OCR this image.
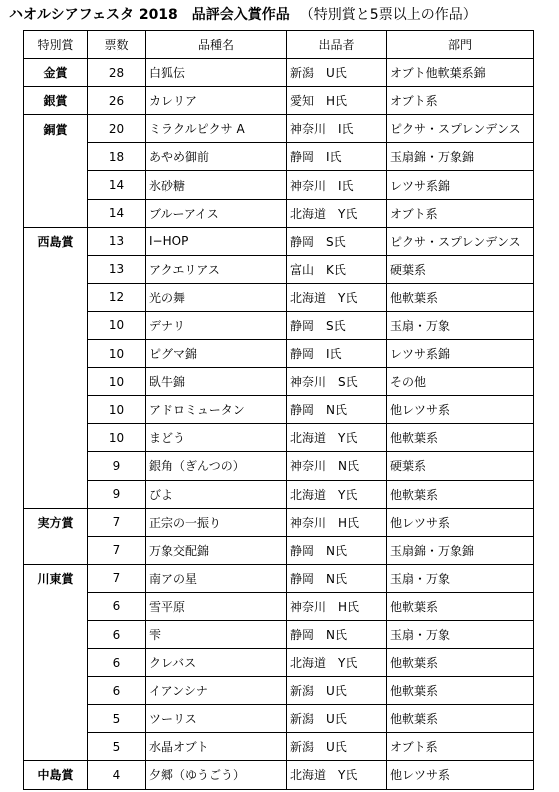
ハオルシアフェスタ 2018　品評会入賞作品 （特別賞と5票以上の作品）
特別賞	票数	品種名	出品者	部門
金賞	28	白狐伝	新潟　U氏	オブト他軟葉系錦
銀賞	26	カレリア	愛知　H氏	オブト系
銅賞	20	ミラクルピクサ A	神奈川　I氏	ピクサ・スプレンデンス
	18	あやめ御前	静岡　I氏	玉扇錦・万象錦
	14	氷砂糖	神奈川　I氏	レツサ系錦
	14	ブルーアイス	北海道　Y氏	オブト系
西島賞	13	I−HOP	静岡　S氏	ピクサ・スプレンデンス
	13	アクエリアス	富山　K氏	硬葉系
	12	光の舞	北海道　Y氏	他軟葉系
	10	デナリ	静岡　S氏	玉扇・万象
	10	ピグマ錦	静岡　I氏	レツサ系錦
	10	臥牛錦	神奈川　S氏	その他
	10	アドロミュータン	静岡　N氏	他レツサ系
	10	まどう	北海道　Y氏	他軟葉系
	9	銀角（ぎんつの）	神奈川　N氏	硬葉系
	9	びよ	北海道　Y氏	他軟葉系
実方賞	7	正宗の一振り	神奈川　H氏	他レツサ系
	7	万象交配錦	静岡　N氏	玉扇錦・万象錦
川東賞	7	南アの星	静岡　N氏	玉扇・万象
	6	雪平原	神奈川　H氏	他軟葉系
	6	雫	静岡　N氏	玉扇・万象
	6	クレバス	北海道　Y氏	他軟葉系
	6	イアンシナ	新潟　U氏	他軟葉系
	5	ツーリス	新潟　U氏	他軟葉系
	5	水晶オブト	新潟　U氏	オブト系
中島賞	4	夕郷（ゆうごう）	北海道　Y氏	他レツサ系
